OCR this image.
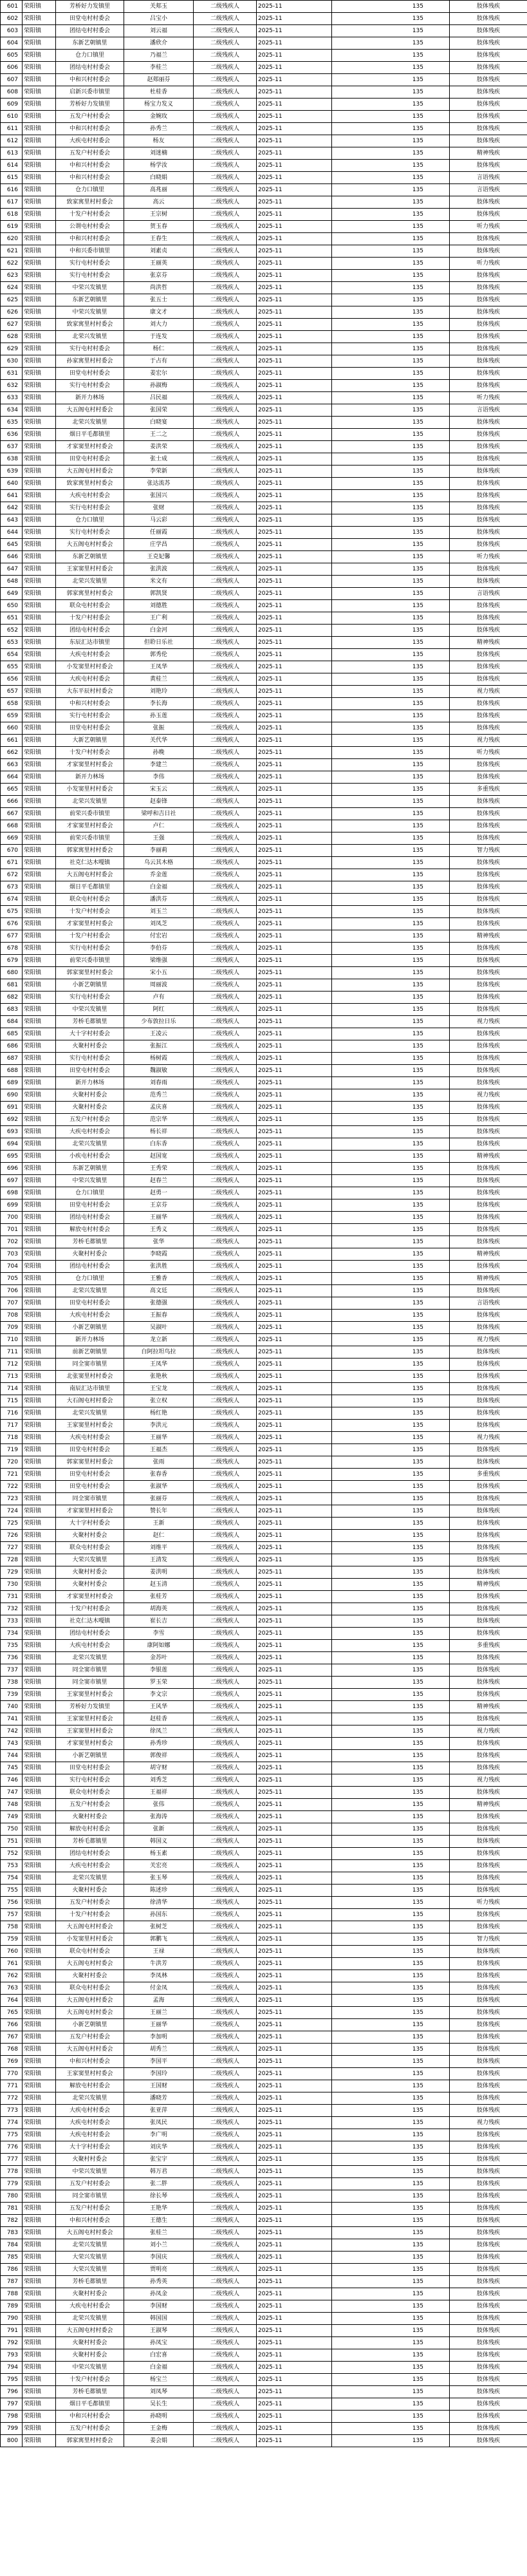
601	荣阳镇	芳桥好力发镇里	关郏玉	二级残疾人	2025-11	135	肢体残疾
602	荣阳镇	田堂屯村村委会	吕宝小	二级残疾人	2025-11	135	肢体残疾
603	荣阳镇	团结屯村村委会	刘云福	二级残疾人	2025-11	135	肢体残疾
604	荣阳镇	东新艺朝镇里	潘欣介	二级残疾人	2025-11	135	肢体残疾
605	荣阳镇	仓力口镇里	乃福兰	二级残疾人	2025-11	135	肢体残疾
606	荣阳镇	团结屯村村委会	李桂兰	二级残疾人	2025-11	135	肢体残疾
607	荣阳镇	中和兴村村委会	赵郏丽芬	二级残疾人	2025-11	135	肢体残疾
608	荣阳镇	启新兴委市镇里	杜桂香	二级残疾人	2025-11	135	肢体残疾
609	荣阳镇	芳桥好力发镇里	杨宝力发义	二级残疾人	2025-11	135	肢体残疾
610	荣阳镇	五发户村村委会	金婉玫	二级残疾人	2025-11	135	肢体残疾
611	荣阳镇	中和兴村村委会	孙秀兰	二级残疾人	2025-11	135	肢体残疾
612	荣阳镇	大疾屯村村委会	杨友	二级残疾人	2025-11	135	肢体残疾
613	荣阳镇	五发户村村委会	刘迷楠	二级残疾人	2025-11	135	精神残疾
614	荣阳镇	中和兴村村委会	杨学汝	二级残疾人	2025-11	135	肢体残疾
615	荣阳镇	中和兴村村委会	白晓娟	二级残疾人	2025-11	135	言语残疾
616	荣阳镇	仓力口镇里	高兆丽	二级残疾人	2025-11	135	言语残疾
617	荣阳镇	致家寓里村村委会	高云	二级残疾人	2025-11	135	肢体残疾
618	荣阳镇	十发户村村委会	王宗树	二级残疾人	2025-11	135	肢体残疾
619	荣阳镇	公谓屯村村委会	贺玉春	二级残疾人	2025-11	135	听力残疾
620	荣阳镇	中和兴村村委会	王春生	二级残疾人	2025-11	135	肢体残疾
621	荣阳镇	中和兴委市镇里	刘素贞	二级残疾人	2025-11	135	肢体残疾
622	荣阳镇	实行屯村村委会	王丽英	二级残疾人	2025-11	135	听力残疾
623	荣阳镇	实行屯村村委会	张京芬	二级残疾人	2025-11	135	肢体残疾
624	荣阳镇	中荣兴发镇里	尚洪哲	二级残疾人	2025-11	135	肢体残疾
625	荣阳镇	东新艺朝镇里	张五士	二级残疾人	2025-11	135	肢体残疾
626	荣阳镇	中荣兴发镇里	康文才	二级残疾人	2025-11	135	肢体残疾
627	荣阳镇	致家寓里村村委会	刘大力	二级残疾人	2025-11	135	肢体残疾
628	荣阳镇	北荣兴发镇里	于连发	二级残疾人	2025-11	135	肢体残疾
629	荣阳镇	实行屯村村委会	杨仁	二级残疾人	2025-11	135	肢体残疾
630	荣阳镇	孙家寓里村村委会	于占有	二级残疾人	2025-11	135	肢体残疾
631	荣阳镇	田堂屯村村委会	姜宏尔	二级残疾人	2025-11	135	肢体残疾
632	荣阳镇	实行屯村村委会	孙淑梅	二级残疾人	2025-11	135	肢体残疾
633	荣阳镇	新开力林场	吕民福	二级残疾人	2025-11	135	听力残疾
634	荣阳镇	大五阁屯村村委会	张国荣	二级残疾人	2025-11	135	言语残疾
635	荣阳镇	北荣兴发镇里	白晓宴	二级残疾人	2025-11	135	肢体残疾
636	荣阳镇	烟日平毛都镇里	王二之	二级残疾人	2025-11	135	肢体残疾
637	荣阳镇	才家窦里村村委会	姜洪荣	二级残疾人	2025-11	135	肢体残疾
638	荣阳镇	田堂屯村村委会	张士成	二级残疾人	2025-11	135	肢体残疾
639	荣阳镇	大五阁屯村村委会	李荣新	二级残疾人	2025-11	135	肢体残疾
640	荣阳镇	致家寓里村村委会	张达流苏	二级残疾人	2025-11	135	肢体残疾
641	荣阳镇	大疾屯村村委会	张国兴	二级残疾人	2025-11	135	肢体残疾
642	荣阳镇	实行屯村村委会	张财	二级残疾人	2025-11	135	肢体残疾
643	荣阳镇	仓力口镇里	马云彩	二级残疾人	2025-11	135	肢体残疾
644	荣阳镇	实行屯村村委会	任丽霞	二级残疾人	2025-11	135	肢体残疾
645	荣阳镇	大五阁屯村村委会	庄学昌	二级残疾人	2025-11	135	肢体残疾
646	荣阳镇	东新艺朝镇里	王克妃馨	二级残疾人	2025-11	135	听力残疾
647	荣阳镇	王家窦里村村委会	张洪波	二级残疾人	2025-11	135	肢体残疾
648	荣阳镇	北荣兴发镇里	米文有	二级残疾人	2025-11	135	肢体残疾
649	荣阳镇	郭家寓里村村委会	郭凯贤	二级残疾人	2025-11	135	言语残疾
650	荣阳镇	联众屯村村委会	刘德胜	二级残疾人	2025-11	135	肢体残疾
651	荣阳镇	十发户村村委会	王广利	二级残疾人	2025-11	135	肢体残疾
652	荣阳镇	团结屯村村委会	白金河	二级残疾人	2025-11	135	肢体残疾
653	荣阳镇	东辰汇达市镇里	但聆日乐社	二级残疾人	2025-11	135	精神残疾
654	荣阳镇	大疾屯村村委会	郭秀伦	二级残疾人	2025-11	135	肢体残疾
655	荣阳镇	小发窦里村村委会	王凤华	二级残疾人	2025-11	135	肢体残疾
656	荣阳镇	大疾屯村村委会	黄桂兰	二级残疾人	2025-11	135	肢体残疾
657	荣阳镇	大东平辰村村委会	刘艳玲	二级残疾人	2025-11	135	视力残疾
658	荣阳镇	中和兴村村委会	李长海	二级残疾人	2025-11	135	肢体残疾
659	荣阳镇	实行屯村村委会	孙玉莲	二级残疾人	2025-11	135	肢体残疾
660	荣阳镇	田堂屯村村委会	张振	二级残疾人	2025-11	135	肢体残疾
661	荣阳镇	大新艺朝镇里	关代华	二级残疾人	2025-11	135	视力残疾
662	荣阳镇	十发户村村委会	孙晚	二级残疾人	2025-11	135	听力残疾
663	荣阳镇	才家窦里村村委会	李建兰	二级残疾人	2025-11	135	肢体残疾
664	荣阳镇	新开力林场	李伟	二级残疾人	2025-11	135	肢体残疾
665	荣阳镇	小发窦里村村委会	宋玉云	二级残疾人	2025-11	135	多重残疾
666	荣阳镇	北荣兴发镇里	赵泰锋	二级残疾人	2025-11	135	肢体残疾
667	荣阳镇	前荣兴委市镇里	梁呼和吉日社	二级残疾人	2025-11	135	肢体残疾
668	荣阳镇	才家窦里村村委会	卢仁	二级残疾人	2025-11	135	肢体残疾
669	荣阳镇	前荣兴委市镇里	王强	二级残疾人	2025-11	135	肢体残疾
670	荣阳镇	郭家寓里村村委会	李丽莉	二级残疾人	2025-11	135	智力残疾
671	荣阳镇	社克仁达木嘎镇	乌云其木格	二级残疾人	2025-11	135	肢体残疾
672	荣阳镇	大五阁屯村村委会	乔金莲	二级残疾人	2025-11	135	肢体残疾
673	荣阳镇	烟日平毛都镇里	白金福	二级残疾人	2025-11	135	肢体残疾
674	荣阳镇	联众屯村村委会	潘洪芬	二级残疾人	2025-11	135	肢体残疾
675	荣阳镇	十发户村村委会	刘玉兰	二级残疾人	2025-11	135	肢体残疾
676	荣阳镇	才家窦里村村委会	刘凤芝	二级残疾人	2025-11	135	肢体残疾
677	荣阳镇	十发户村村委会	付宏岩	二级残疾人	2025-11	135	精神残疾
678	荣阳镇	实行屯村村委会	李伯芬	二级残疾人	2025-11	135	肢体残疾
679	荣阳镇	前荣兴委市镇里	梁维强	二级残疾人	2025-11	135	肢体残疾
680	荣阳镇	郭家窦里村村委会	宋小五	二级残疾人	2025-11	135	肢体残疾
681	荣阳镇	小新艺朝镇里	周丽波	二级残疾人	2025-11	135	肢体残疾
682	荣阳镇	实行屯村村委会	卢有	二级残疾人	2025-11	135	肢体残疾
683	荣阳镇	中荣兴发镇里	阿红	二级残疾人	2025-11	135	肢体残疾
684	荣阳镇	芳桥毛都镇里	少布敦拉日乐	二级残疾人	2025-11	135	视力残疾
685	荣阳镇	大十字村村委会	王凌云	二级残疾人	2025-11	135	肢体残疾
686	荣阳镇	火聚村村委会	张振江	二级残疾人	2025-11	135	肢体残疾
687	荣阳镇	实行屯村村委会	杨树霞	二级残疾人	2025-11	135	肢体残疾
688	荣阳镇	田堂屯村村委会	魏淑敏	二级残疾人	2025-11	135	肢体残疾
689	荣阳镇	新开力林场	刘春雨	二级残疾人	2025-11	135	肢体残疾
690	荣阳镇	火聚村村委会	范秀兰	二级残疾人	2025-11	135	视力残疾
691	荣阳镇	火聚村村委会	孟庆喜	二级残疾人	2025-11	135	肢体残疾
692	荣阳镇	五发户村村委会	范宗华	二级残疾人	2025-11	135	肢体残疾
693	荣阳镇	大疾屯村村委会	杨长祥	二级残疾人	2025-11	135	肢体残疾
694	荣阳镇	北荣兴发镇里	白东香	二级残疾人	2025-11	135	肢体残疾
695	荣阳镇	小疾屯村村委会	赵国宽	二级残疾人	2025-11	135	精神残疾
696	荣阳镇	东新艺朝镇里	王秀荣	二级残疾人	2025-11	135	肢体残疾
697	荣阳镇	中荣兴发镇里	赵春兰	二级残疾人	2025-11	135	肢体残疾
698	荣阳镇	仓力口镇里	赵勇一	二级残疾人	2025-11	135	肢体残疾
699	荣阳镇	田堂屯村村委会	王京芬	二级残疾人	2025-11	135	肢体残疾
700	荣阳镇	团结屯村村委会	王丽华	二级残疾人	2025-11	135	肢体残疾
701	荣阳镇	解放屯村村委会	王秀义	二级残疾人	2025-11	135	肢体残疾
702	荣阳镇	芳桥毛都镇里	张华	二级残疾人	2025-11	135	肢体残疾
703	荣阳镇	火聚村村委会	李晓霞	二级残疾人	2025-11	135	精神残疾
704	荣阳镇	团结屯村村委会	张洪胜	二级残疾人	2025-11	135	肢体残疾
705	荣阳镇	仓力口镇里	王雅香	二级残疾人	2025-11	135	精神残疾
706	荣阳镇	北荣兴发镇里	高文廷	二级残疾人	2025-11	135	肢体残疾
707	荣阳镇	田堂屯村村委会	张德强	二级残疾人	2025-11	135	言语残疾
708	荣阳镇	大疾屯村村委会	王振春	二级残疾人	2025-11	135	肢体残疾
709	荣阳镇	小新艺朝镇里	吴淑叶	二级残疾人	2025-11	135	肢体残疾
710	荣阳镇	新开力林场	龙立新	二级残疾人	2025-11	135	视力残疾
711	荣阳镇	前新艺朝镇里	白阿拉坦鸟拉	二级残疾人	2025-11	135	肢体残疾
712	荣阳镇	同全窦市镇里	王凤华	二级残疾人	2025-11	135	肢体残疾
713	荣阳镇	北张窦里村村委会	张艳秋	二级残疾人	2025-11	135	肢体残疾
714	荣阳镇	南辰汇达市镇里	王宝龙	二级残疾人	2025-11	135	肢体残疾
715	荣阳镇	大石阁屯村村委会	张立权	二级残疾人	2025-11	135	肢体残疾
716	荣阳镇	北荣兴发镇里	杨红艳	二级残疾人	2025-11	135	肢体残疾
717	荣阳镇	王家窦里村村委会	李洪元	二级残疾人	2025-11	135	肢体残疾
718	荣阳镇	大疾屯村村委会	王丽华	二级残疾人	2025-11	135	视力残疾
719	荣阳镇	田堂屯村村委会	王福杰	二级残疾人	2025-11	135	肢体残疾
720	荣阳镇	郭家窦里村村委会	张雨	二级残疾人	2025-11	135	肢体残疾
721	荣阳镇	田堂屯村村委会	张春香	二级残疾人	2025-11	135	多重残疾
722	荣阳镇	田堂屯村村委会	张淑华	二级残疾人	2025-11	135	肢体残疾
723	荣阳镇	同全窦市镇里	张丽芬	二级残疾人	2025-11	135	肢体残疾
724	荣阳镇	才家窦里村村委会	赞长年	二级残疾人	2025-11	135	肢体残疾
725	荣阳镇	大十字村村委会	王新	二级残疾人	2025-11	135	肢体残疾
726	荣阳镇	火聚村村委会	赵仁	二级残疾人	2025-11	135	肢体残疾
727	荣阳镇	联众屯村村委会	刘维平	二级残疾人	2025-11	135	肢体残疾
728	荣阳镇	大荣兴发镇里	王清发	二级残疾人	2025-11	135	肢体残疾
729	荣阳镇	火聚村村委会	姜洪明	二级残疾人	2025-11	135	肢体残疾
730	荣阳镇	火聚村村委会	赵玉清	二级残疾人	2025-11	135	精神残疾
731	荣阳镇	才家窦里村村委会	张桂芳	二级残疾人	2025-11	135	肢体残疾
732	荣阳镇	十发户村村委会	胡海英	二级残疾人	2025-11	135	肢体残疾
733	荣阳镇	社克仁达木嘎镇	崔长吉	二级残疾人	2025-11	135	肢体残疾
734	荣阳镇	团结屯村村委会	李雪	二级残疾人	2025-11	135	肢体残疾
735	荣阳镇	大疾屯村村委会	康阿如娜	二级残疾人	2025-11	135	多重残疾
736	荣阳镇	北荣兴发镇里	金苏叶	二级残疾人	2025-11	135	肢体残疾
737	荣阳镇	同全窦市镇里	李银莲	二级残疾人	2025-11	135	肢体残疾
738	荣阳镇	同全窦市镇里	罗玉荣	二级残疾人	2025-11	135	肢体残疾
739	荣阳镇	王家窦里村村委会	李文宗	二级残疾人	2025-11	135	肢体残疾
740	荣阳镇	芳桥好力发镇里	王风华	二级残疾人	2025-11	135	精神残疾
741	荣阳镇	王家窦里村村委会	赵桂香	二级残疾人	2025-11	135	肢体残疾
742	荣阳镇	王家窦里村村委会	徐凤兰	二级残疾人	2025-11	135	视力残疾
743	荣阳镇	才家窦里村村委会	孙秀珍	二级残疾人	2025-11	135	肢体残疾
744	荣阳镇	小新艺朝镇里	郭俊祥	二级残疾人	2025-11	135	肢体残疾
745	荣阳镇	田堂屯村村委会	胡守财	二级残疾人	2025-11	135	肢体残疾
746	荣阳镇	实行屯村村委会	刘秀芝	二级残疾人	2025-11	135	视力残疾
747	荣阳镇	联众屯村村委会	王福祥	二级残疾人	2025-11	135	肢体残疾
748	荣阳镇	五发户村村委会	张伟	二级残疾人	2025-11	135	精神残疾
749	荣阳镇	火聚村村委会	张海涛	二级残疾人	2025-11	135	肢体残疾
750	荣阳镇	解放屯村村委会	张新	二级残疾人	2025-11	135	肢体残疾
751	荣阳镇	芳桥毛都镇里	韩国义	二级残疾人	2025-11	135	肢体残疾
752	荣阳镇	团结屯村村委会	杨玉素	二级残疾人	2025-11	135	肢体残疾
753	荣阳镇	大疾屯村村委会	关宏亮	二级残疾人	2025-11	135	肢体残疾
754	荣阳镇	北荣兴发镇里	张玉琴	二级残疾人	2025-11	135	肢体残疾
755	荣阳镇	火聚村村委会	陈述珍	二级残疾人	2025-11	135	肢体残疾
756	荣阳镇	五发户村村委会	徐清华	二级残疾人	2025-11	135	听力残疾
757	荣阳镇	十发户村村委会	孙国东	二级残疾人	2025-11	135	肢体残疾
758	荣阳镇	大五阁屯村村委会	张树芝	二级残疾人	2025-11	135	肢体残疾
759	荣阳镇	小发窦里村村委会	郭鹏飞	二级残疾人	2025-11	135	智力残疾
760	荣阳镇	联众屯村村委会	王禄	二级残疾人	2025-11	135	肢体残疾
761	荣阳镇	大五阁屯村村委会	牛洪芳	二级残疾人	2025-11	135	肢体残疾
762	荣阳镇	火聚村村委会	李凤林	二级残疾人	2025-11	135	肢体残疾
763	荣阳镇	联众屯村村委会	付金凤	二级残疾人	2025-11	135	肢体残疾
764	荣阳镇	大五阁屯村村委会	孟海	二级残疾人	2025-11	135	肢体残疾
765	荣阳镇	大五阁屯村村委会	王丽兰	二级残疾人	2025-11	135	肢体残疾
766	荣阳镇	小新艺朝镇里	王丽华	二级残疾人	2025-11	135	肢体残疾
767	荣阳镇	五发户村村委会	李加明	二级残疾人	2025-11	135	肢体残疾
768	荣阳镇	大五阁屯村村委会	胡秀兰	二级残疾人	2025-11	135	肢体残疾
769	荣阳镇	中和兴村村委会	李国平	二级残疾人	2025-11	135	肢体残疾
770	荣阳镇	王家窦里村村委会	李国玲	二级残疾人	2025-11	135	肢体残疾
771	荣阳镇	解放屯村村委会	王国财	二级残疾人	2025-11	135	肢体残疾
772	荣阳镇	北荣兴发镇里	潘晓芳	二级残疾人	2025-11	135	肢体残疾
773	荣阳镇	大疾屯村村委会	张亚萍	二级残疾人	2025-11	135	肢体残疾
774	荣阳镇	大疾屯村村委会	张凤民	二级残疾人	2025-11	135	视力残疾
775	荣阳镇	大疾屯村村委会	李广明	二级残疾人	2025-11	135	肢体残疾
776	荣阳镇	大十字村村委会	刘庆华	二级残疾人	2025-11	135	肢体残疾
777	荣阳镇	火聚村村委会	张宝宇	二级残疾人	2025-11	135	肢体残疾
778	荣阳镇	中荣兴发镇里	韩万君	二级残疾人	2025-11	135	肢体残疾
779	荣阳镇	五发户村村委会	张二胖	二级残疾人	2025-11	135	肢体残疾
780	荣阳镇	同全窦市镇里	徐长琴	二级残疾人	2025-11	135	肢体残疾
781	荣阳镇	五发户村村委会	王艳华	二级残疾人	2025-11	135	肢体残疾
782	荣阳镇	中和兴村村委会	王德生	二级残疾人	2025-11	135	肢体残疾
783	荣阳镇	大五阁屯村村委会	张桂兰	二级残疾人	2025-11	135	肢体残疾
784	荣阳镇	北荣兴发镇里	刘小兰	二级残疾人	2025-11	135	肢体残疾
785	荣阳镇	大荣兴发镇里	李国庆	二级残疾人	2025-11	135	肢体残疾
786	荣阳镇	大荣兴发镇里	贾明亮	二级残疾人	2025-11	135	肢体残疾
787	荣阳镇	芳桥毛都镇里	孙秀英	二级残疾人	2025-11	135	肢体残疾
788	荣阳镇	火聚村村委会	孙凤金	二级残疾人	2025-11	135	肢体残疾
789	荣阳镇	大疾屯村村委会	李国财	二级残疾人	2025-11	135	肢体残疾
790	荣阳镇	北荣兴发镇里	韩国国	二级残疾人	2025-11	135	肢体残疾
791	荣阳镇	大五阁屯村村委会	王淑琴	二级残疾人	2025-11	135	肢体残疾
792	荣阳镇	火聚村村委会	孙凤宝	二级残疾人	2025-11	135	肢体残疾
793	荣阳镇	火聚村村委会	白宏喜	二级残疾人	2025-11	135	肢体残疾
794	荣阳镇	中荣兴发镇里	白金福	二级残疾人	2025-11	135	肢体残疾
795	荣阳镇	十发户村村委会	杨宝兰	二级残疾人	2025-11	135	肢体残疾
796	荣阳镇	芳桥毛都镇里	刘凤琴	二级残疾人	2025-11	135	肢体残疾
797	荣阳镇	烟日平毛都镇里	吴长生	二级残疾人	2025-11	135	肢体残疾
798	荣阳镇	中和兴村村委会	孙晓明	二级残疾人	2025-11	135	肢体残疾
799	荣阳镇	五发户村村委会	王金梅	二级残疾人	2025-11	135	肢体残疾
800	荣阳镇	郭家寓里村村委会	姜会娟	二级残疾人	2025-11	135	肢体残疾
